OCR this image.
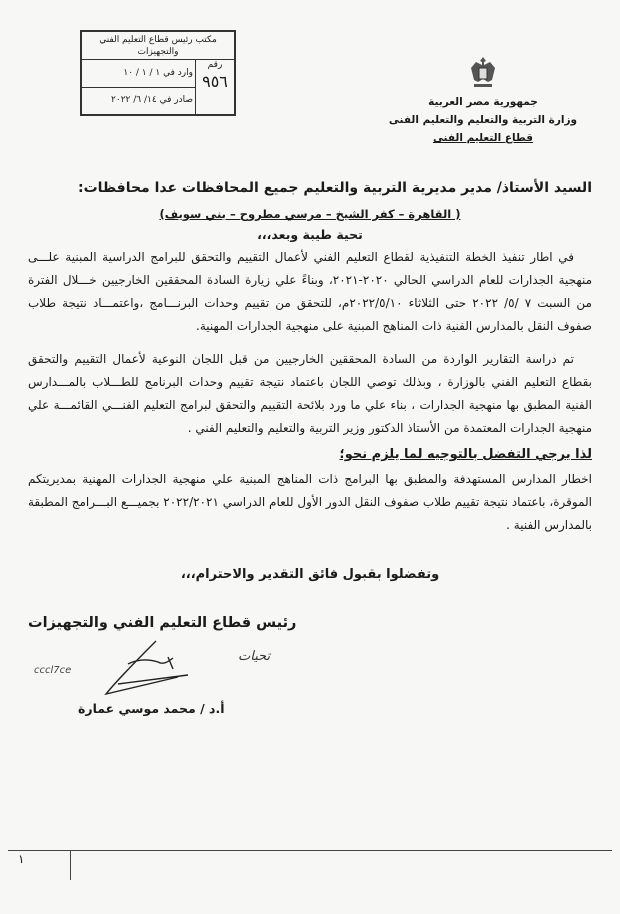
مكتب رئيس قطاع التعليم الفني والتجهيزات
رقم
٩٥٦
وارد في ١ / ١ / ١٠
صادر في ١٤/ ٦/ ٢٠٢٢	جمهورية مصر العربية
وزارة التربية والتعليم والتعليم الفنى
قطاع التعليم الفنى
السيد الأستاذ/ مدير مديرية التربية والتعليم جميع المحافظات عدا محافظات:
( القاهرة – كفر الشيخ – مرسي مطروح – بني سويف)
تحية طيبة وبعد،،،
في اطار تنفيذ الخطة التنفيذية لقطاع التعليم الفني لأعمال التقييم والتحقق للبرامج الدراسية المبنية علـــى منهجية الجدارات للعام الدراسي الحالي ٢٠٢٠-٢٠٢١، وبناءً علي زيارة السادة المحققين الخارجيين خـــلال الفترة من السبت ٧ /٥/ ٢٠٢٢ حتى الثلاثاء ٢٠٢٢/٥/١٠م، للتحقق من تقييم وحدات البرنـــامج ،واعتمـــاد نتيجة طلاب صفوف النقل بالمدارس الفنية ذات المناهج المبنية على منهجية الجدارات المهنية.
تم دراسة التقارير الواردة من السادة المحققين الخارجيين من قبل اللجان النوعية لأعمال التقييم والتحقق بقطاع التعليم الفني بالوزارة ، وبذلك توصي اللجان باعتماد نتيجة تقييم وحدات البرنامج للطـــلاب بالمـــدارس الفنية المطبق بها منهجية الجدارات ، بناء علي ما ورد بلائحة التقييم والتحقق لبرامج التعليم الفنـــي القائمـــة علي منهجية الجدارات المعتمدة من الأستاذ الدكتور وزير التربية والتعليم والتعليم الفني .
لذا يرجي التفضل بالتوجيه لما يلزم نحو؛
اخطار المدارس المستهدفة والمطبق بها البرامج ذات المناهج المبنية علي منهجية الجدارات المهنية بمديريتكم الموقرة، باعتماد نتيجة تقييم طلاب صفوف النقل الدور الأول للعام الدراسي ٢٠٢٢/٢٠٢١ بجميـــع البـــرامج المطبقة بالمدارس الفنية .
وتفضلوا بقبول فائق التقدير والاحترام،،،
رئيس قطاع التعليم الفني والتجهيزات
تحيات
cccl7ce
أ.د / محمد موسي عمارة
١
